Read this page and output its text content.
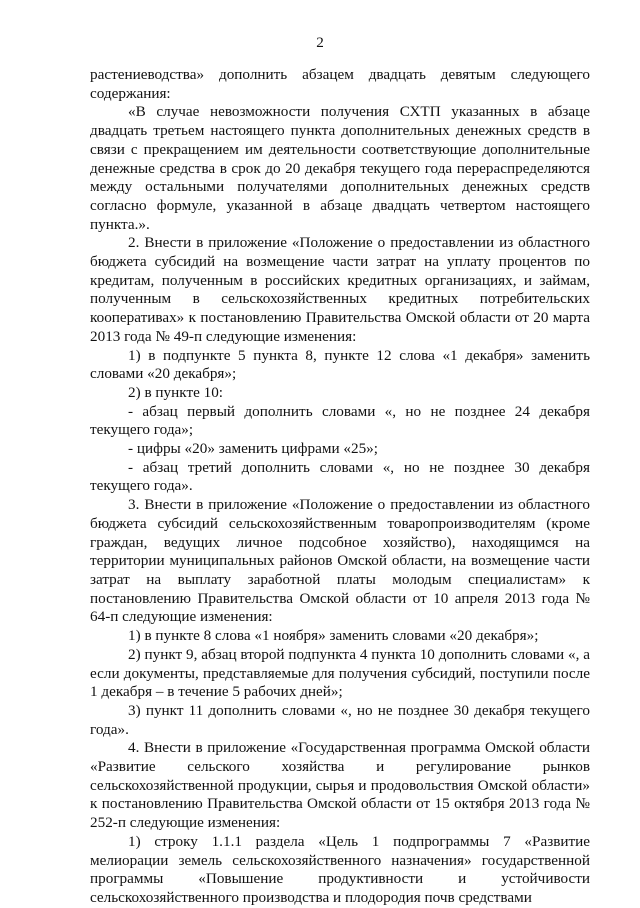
2

растениеводства» дополнить абзацем двадцать девятым следующего содержания:

«В случае невозможности получения СХТП указанных в абзаце двадцать третьем настоящего пункта дополнительных денежных средств в связи с прекращением им деятельности соответствующие дополнительные денежные средства в срок до 20 декабря текущего года перераспределяются между остальными получателями дополнительных денежных средств согласно формуле, указанной в абзаце двадцать четвертом настоящего пункта.».

2. Внести в приложение «Положение о предоставлении из областного бюджета субсидий на возмещение части затрат на уплату процентов по кредитам, полученным в российских кредитных организациях, и займам, полученным в сельскохозяйственных кредитных потребительских кооперативах» к постановлению Правительства Омской области от 20 марта 2013 года № 49-п следующие изменения:

1) в подпункте 5 пункта 8, пункте 12 слова «1 декабря» заменить словами «20 декабря»;

2) в пункте 10:

- абзац первый дополнить словами «, но не позднее 24 декабря текущего года»;

- цифры «20» заменить цифрами «25»;

- абзац третий дополнить словами «, но не позднее 30 декабря текущего года».

3. Внести в приложение «Положение о предоставлении из областного бюджета субсидий сельскохозяйственным товаропроизводителям (кроме граждан, ведущих личное подсобное хозяйство), находящимся на территории муниципальных районов Омской области, на возмещение части затрат на выплату заработной платы молодым специалистам» к постановлению Правительства Омской области от 10 апреля 2013 года № 64-п следующие изменения:

1) в пункте 8 слова «1 ноября» заменить словами «20 декабря»;

2) пункт 9, абзац второй подпункта 4 пункта 10 дополнить словами «, а если документы, представляемые для получения субсидий, поступили после 1 декабря – в течение 5 рабочих дней»;

3) пункт 11 дополнить словами «, но не позднее 30 декабря текущего года».

4. Внести в приложение «Государственная программа Омской области «Развитие сельского хозяйства и регулирование рынков сельскохозяйственной продукции, сырья и продовольствия Омской области» к постановлению Правительства Омской области от 15 октября 2013 года № 252-п следующие изменения:

1) строку 1.1.1 раздела «Цель 1 подпрограммы 7 «Развитие мелиорации земель сельскохозяйственного назначения» государственной программы «Повышение продуктивности и устойчивости сельскохозяйственного производства и плодородия почв средствами
